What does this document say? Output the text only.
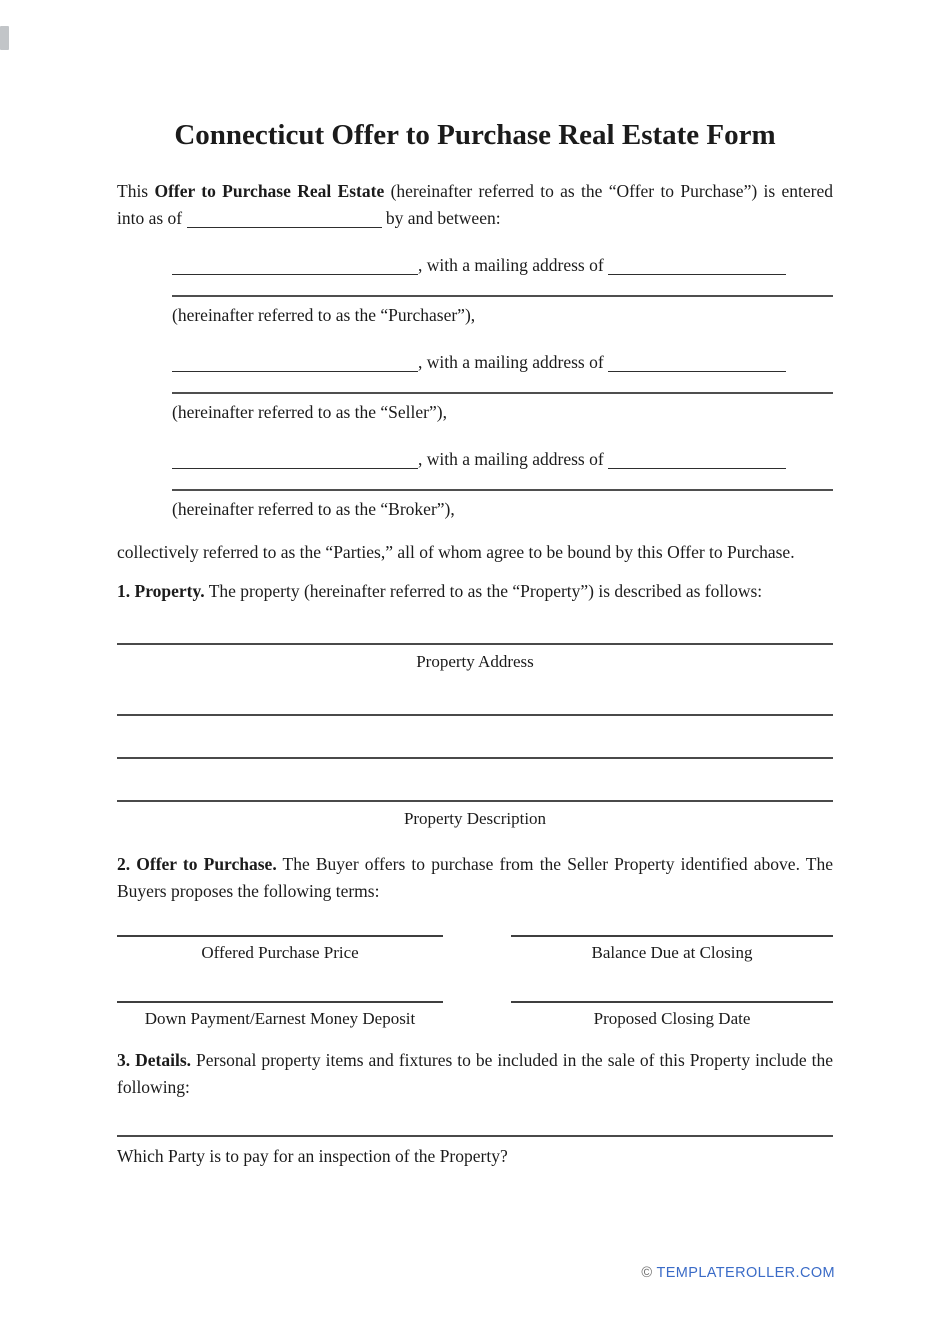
Connecticut Offer to Purchase Real Estate Form

This Offer to Purchase Real Estate (hereinafter referred to as the “Offer to Purchase”) is entered into as of	by and between:

, with a mailing address of

(hereinafter referred to as the “Purchaser”),

, with a mailing address of

(hereinafter referred to as the “Seller”),

, with a mailing address of

(hereinafter referred to as the “Broker”),

collectively referred to as the “Parties,” all of whom agree to be bound by this Offer to Purchase.

1. Property. The property (hereinafter referred to as the “Property”) is described as follows:

Property Address
Property Description

2. Offer to Purchase. The Buyer offers to purchase from the Seller Property identified above. The Buyers proposes the following terms:

Offered Purchase Price	Balance Due at Closing
Down Payment/Earnest Money Deposit	Proposed Closing Date

3. Details. Personal property items and fixtures to be included in the sale of this Property include the following:

Which Party is to pay for an inspection of the Property?

© TEMPLATEROLLER.COM
